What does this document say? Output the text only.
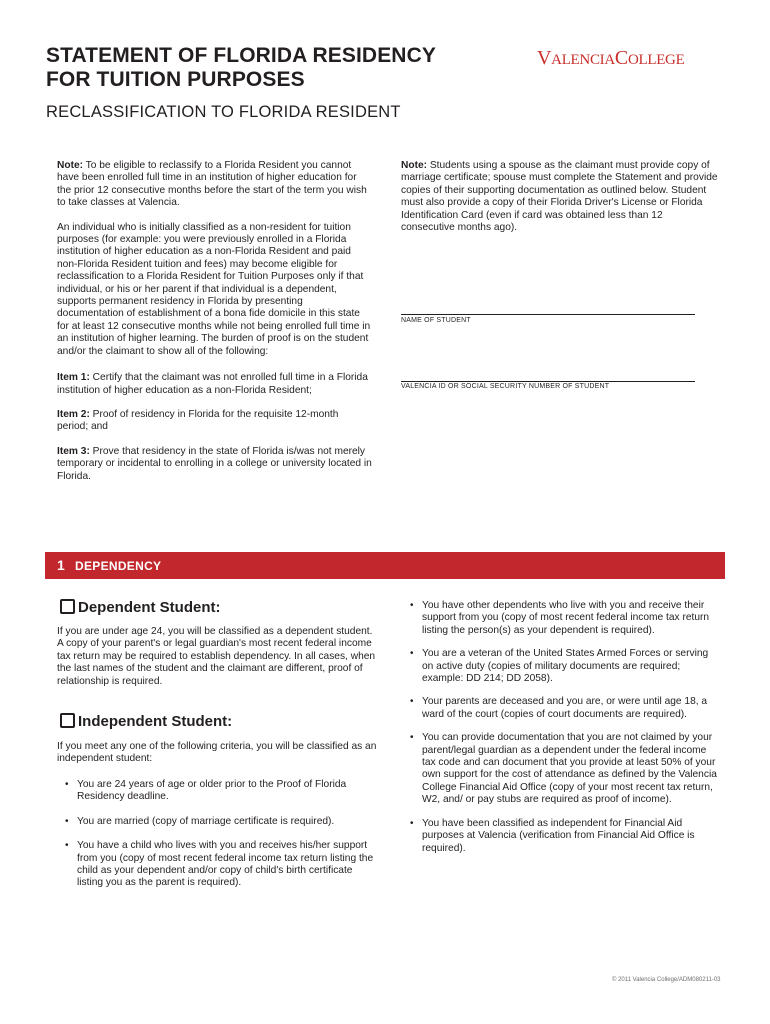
STATEMENT OF FLORIDA RESIDENCY
FOR TUITION PURPOSES
RECLASSIFICATION TO FLORIDA RESIDENT
VALENCIACOLLEGE

Note: To be eligible to reclassify to a Florida Resident you cannot have been enrolled full time in an institution of higher education for the prior 12 consecutive months before the start of the term you wish to take classes at Valencia.

An individual who is initially classified as a non-resident for tuition purposes (for example: you were previously enrolled in a Florida institution of higher education as a non-Florida Resident and paid non-Florida Resident tuition and fees) may become eligible for reclassification to a Florida Resident for Tuition Purposes only if that individual, or his or her parent if that individual is a dependent, supports permanent residency in Florida by presenting documentation of establishment of a bona fide domicile in this state for at least 12 consecutive months while not being enrolled full time in an institution of higher learning. The burden of proof is on the student and/or the claimant to show all of the following:

Item 1: Certify that the claimant was not enrolled full time in a Florida institution of higher education as a non-Florida Resident;

Item 2: Proof of residency in Florida for the requisite 12-month period; and

Item 3: Prove that residency in the state of Florida is/was not merely temporary or incidental to enrolling in a college or university located in Florida.

Note: Students using a spouse as the claimant must provide copy of marriage certificate; spouse must complete the Statement and provide copies of their supporting documentation as outlined below. Student must also provide a copy of their Florida Driver's License or Florida Identification Card (even if card was obtained less than 12 consecutive months ago).
NAME OF STUDENT
VALENCIA ID OR SOCIAL SECURITY NUMBER OF STUDENT
1 DEPENDENCY
Dependent Student:
If you are under age 24, you will be classified as a dependent student. A copy of your parent's or legal guardian's most recent federal income tax return may be required to establish dependency. In all cases, when the last names of the student and the claimant are different, proof of relationship is required.
Independent Student:
If you meet any one of the following criteria, you will be classified as an independent student:
• You are 24 years of age or older prior to the Proof of Florida Residency deadline.
• You are married (copy of marriage certificate is required).
• You have a child who lives with you and receives his/her support from you (copy of most recent federal income tax return listing the child as your dependent and/or copy of child's birth certificate listing you as the parent is required).
• You have other dependents who live with you and receive their support from you (copy of most recent federal income tax return listing the person(s) as your dependent is required).
• You are a veteran of the United States Armed Forces or serving on active duty (copies of military documents are required; example: DD 214; DD 2058).
• Your parents are deceased and you are, or were until age 18, a ward of the court (copies of court documents are required).
• You can provide documentation that you are not claimed by your parent/legal guardian as a dependent under the federal income tax code and can document that you provide at least 50% of your own support for the cost of attendance as defined by the Valencia College Financial Aid Office (copy of your most recent tax return, W2, and/ or pay stubs are required as proof of income).
• You have been classified as independent for Financial Aid purposes at Valencia (verification from Financial Aid Office is required).
© 2011 Valencia College/ADM080211-03
